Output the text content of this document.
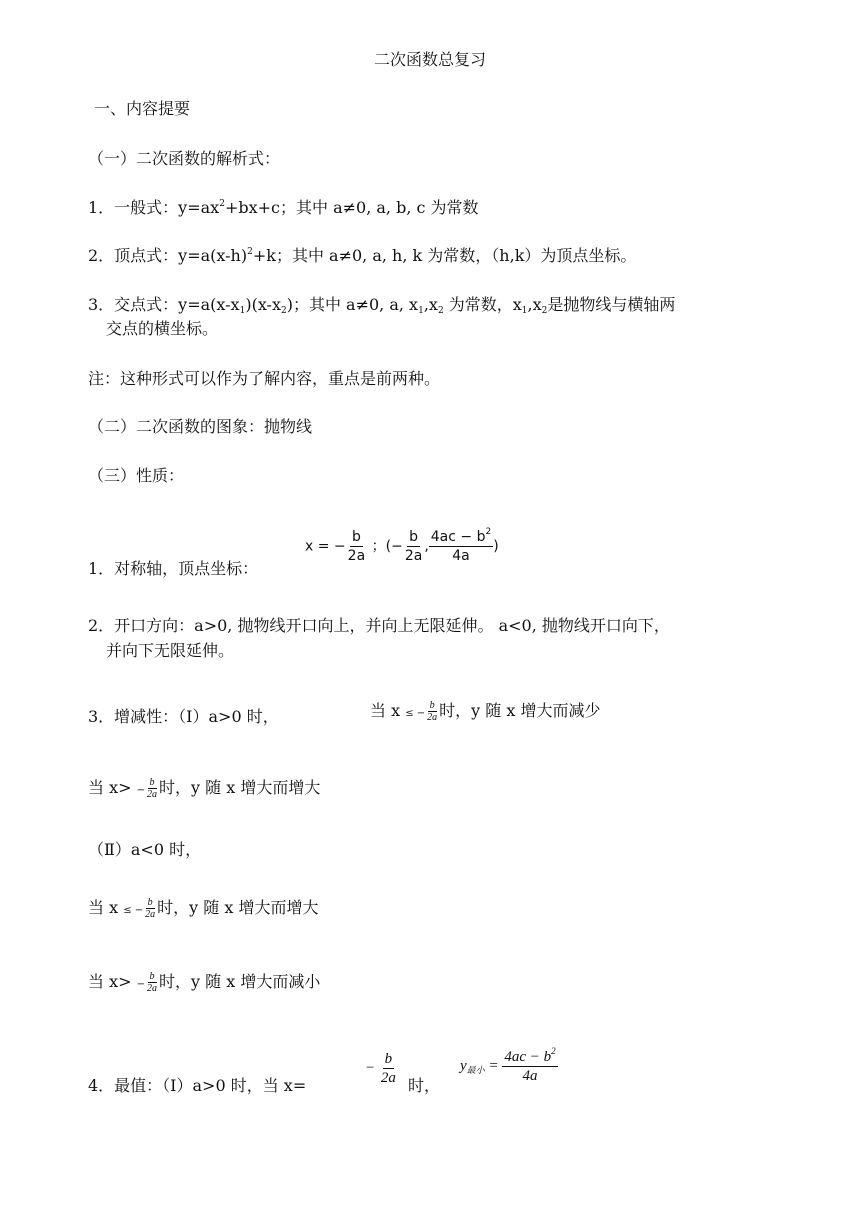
二次函数总复习
一、内容提要
（一）二次函数的解析式：
1．一般式：$y=ax^2+bx+c$；其中 a≠0, a, b, c 为常数
2．顶点式：$y=a(x-h)^2+k$；其中 a≠0, a, h, k 为常数，（h,k）为顶点坐标。
3．交点式：$y=a(x-x_1)(x-x_2)$；其中 a≠0, a, $x_1,x_2$ 为常数，$x_1,x_2$是抛物线与横轴两
交点的横坐标。
注：这种形式可以作为了解内容，重点是前两种。
（二）二次函数的图象：抛物线
（三）性质：
1．对称轴，顶点坐标：
x = − $\frac{b}{2a}$ ；(− $\frac{b}{2a}$ , $\frac{4ac - b^2}{4a}$ )
2．开口方向：a>0, 抛物线开口向上，并向上无限延伸。 a<0, 抛物线开口向下，
并向下无限延伸。
3．增减性：（Ⅰ）a>0 时，	当 x ≤ − $\frac{b}{2a}$ 时，y 随 x 增大而减少
当 $x> - \frac{b}{2a}$ 时，y 随 x 增大而增大
（Ⅱ）a<0 时，
当 x ≤ − $\frac{b}{2a}$ 时，y 随 x 增大而增大
当 $x> - \frac{b}{2a}$ 时，y 随 x 增大而减小
4．最值：（Ⅰ）a>0 时，当 x=
− $\frac{b}{2a}$ 时，
$y_{最小} = \frac{4ac - b^2}{4a}$
